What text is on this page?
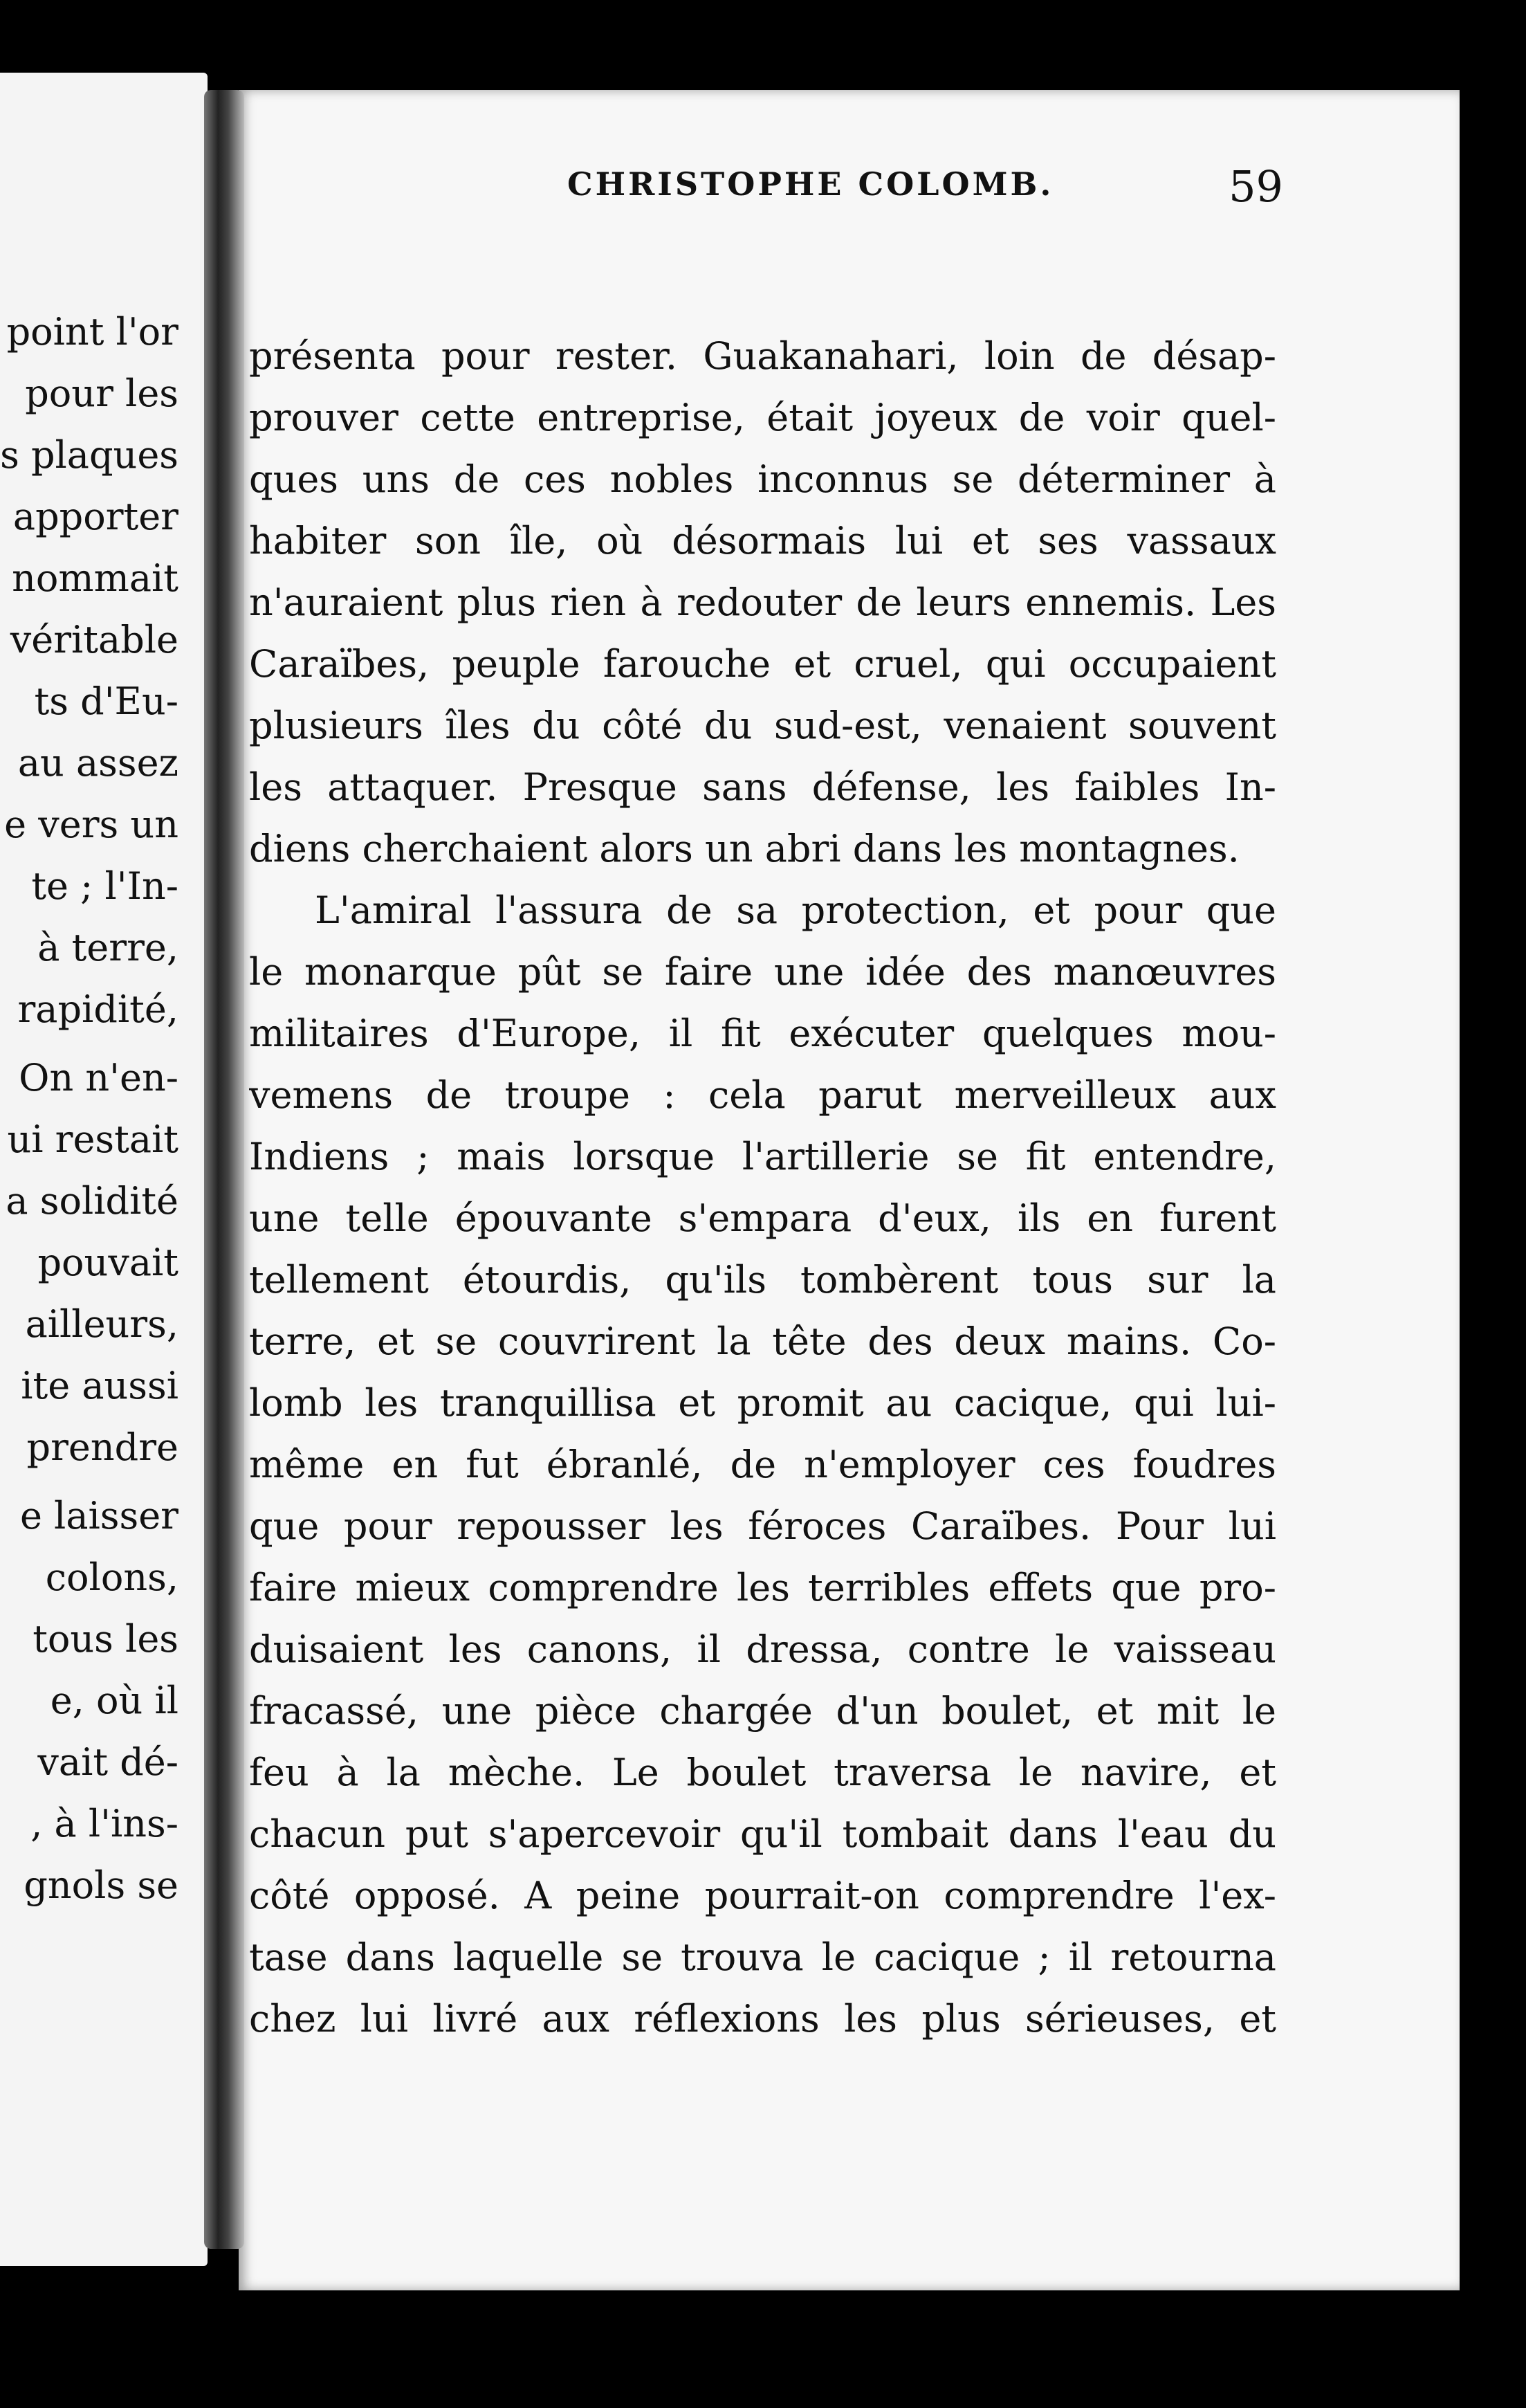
point l'or
pour les
s plaques
apporter
nommait
véritable
ts d'Eu-
au assez
e vers un
te ; l'In-
à terre,
rapidité,
On n'en-
ui restait
a solidité
pouvait
ailleurs,
ite aussi
prendre
e laisser
colons,
tous les
e, où il
vait dé-
, à l'ins-
gnols se
CHRISTOPHE COLOMB.	59
présenta pour rester. Guakanahari, loin de désap-
prouver cette entreprise, était joyeux de voir quel-
ques uns de ces nobles inconnus se déterminer à
habiter son île, où désormais lui et ses vassaux
n'auraient plus rien à redouter de leurs ennemis. Les
Caraïbes, peuple farouche et cruel, qui occupaient
plusieurs îles du côté du sud-est, venaient souvent
les attaquer. Presque sans défense, les faibles In-
diens cherchaient alors un abri dans les montagnes.
L'amiral l'assura de sa protection, et pour que
le monarque pût se faire une idée des manœuvres
militaires d'Europe, il fit exécuter quelques mou-
vemens de troupe : cela parut merveilleux aux
Indiens ; mais lorsque l'artillerie se fit entendre,
une telle épouvante s'empara d'eux, ils en furent
tellement étourdis, qu'ils tombèrent tous sur la
terre, et se couvrirent la tête des deux mains. Co-
lomb les tranquillisa et promit au cacique, qui lui-
même en fut ébranlé, de n'employer ces foudres
que pour repousser les féroces Caraïbes. Pour lui
faire mieux comprendre les terribles effets que pro-
duisaient les canons, il dressa, contre le vaisseau
fracassé, une pièce chargée d'un boulet, et mit le
feu à la mèche. Le boulet traversa le navire, et
chacun put s'apercevoir qu'il tombait dans l'eau du
côté opposé. A peine pourrait-on comprendre l'ex-
tase dans laquelle se trouva le cacique ; il retourna
chez lui livré aux réflexions les plus sérieuses, et
